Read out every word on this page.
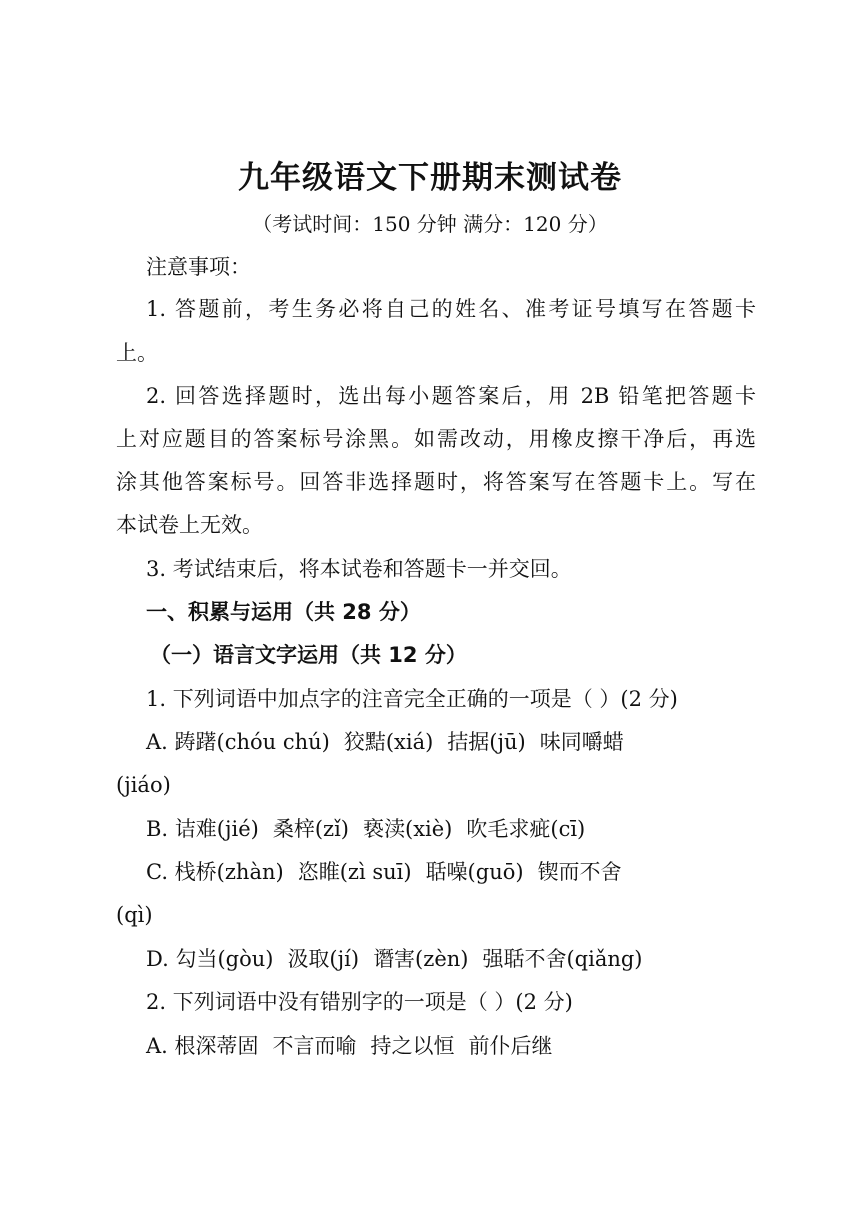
九年级语文下册期末测试卷
（考试时间：150 分钟 满分：120 分）
注意事项：
1. 答题前，考生务必将自己的姓名、准考证号填写在答题卡
上。
2. 回答选择题时，选出每小题答案后，用 2B 铅笔把答题卡
上对应题目的答案标号涂黑。如需改动，用橡皮擦干净后，再选
涂其他答案标号。回答非选择题时，将答案写在答题卡上。写在
本试卷上无效。
3. 考试结束后，将本试卷和答题卡一并交回。
一、积累与运用（共 28 分）
（一）语言文字运用（共 12 分）
1. 下列词语中加点字的注音完全正确的一项是（ ）(2 分)
A. 踌躇(chóu chú) 狡黠(xiá) 拮据(jū) 味同嚼蜡
(jiáo)
B. 诘难(jié) 桑梓(zǐ) 亵渎(xiè) 吹毛求疵(cī)
C. 栈桥(zhàn) 恣睢(zì suī) 聒噪(guō) 锲而不舍
(qì)
D. 勾当(gòu) 汲取(jí) 谮害(zèn) 强聒不舍(qiǎng)
2. 下列词语中没有错别字的一项是（ ）(2 分)
A. 根深蒂固 不言而喻 持之以恒 前仆后继
